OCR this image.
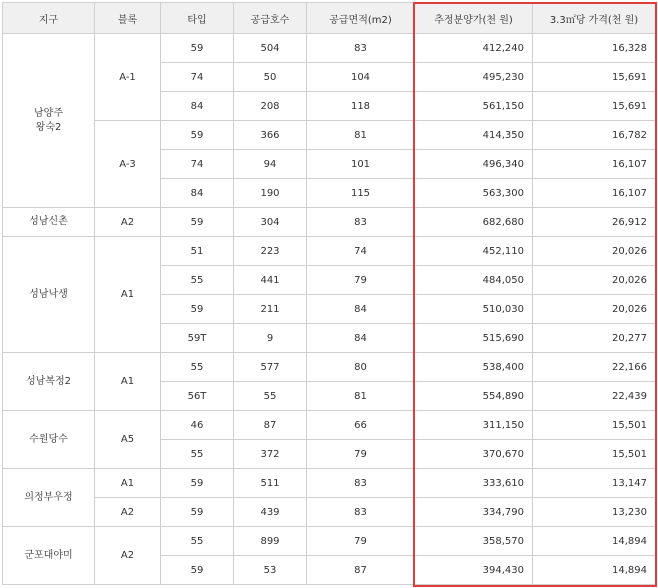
지구	블록	타입	공급호수	공급면적(m2)	추정분양가(천 원)	3.3㎡당 가격(천 원)
남양주
왕숙2	A-1	59	504	83	412,240	16,328
		74	50	104	495,230	15,691
		84	208	118	561,150	15,691
	A-3	59	366	81	414,350	16,782
		74	94	101	496,340	16,107
		84	190	115	563,300	16,107
성남신촌	A2	59	304	83	682,680	26,912
성남낙생	A1	51	223	74	452,110	20,026
		55	441	79	484,050	20,026
		59	211	84	510,030	20,026
		59T	9	84	515,690	20,277
성남복정2	A1	55	577	80	538,400	22,166
		56T	55	81	554,890	22,439
수원당수	A5	46	87	66	311,150	15,501
		55	372	79	370,670	15,501
의정부우정	A1	59	511	83	333,610	13,147
	A2	59	439	83	334,790	13,230
군포대야미	A2	55	899	79	358,570	14,894
		59	53	87	394,430	14,894
